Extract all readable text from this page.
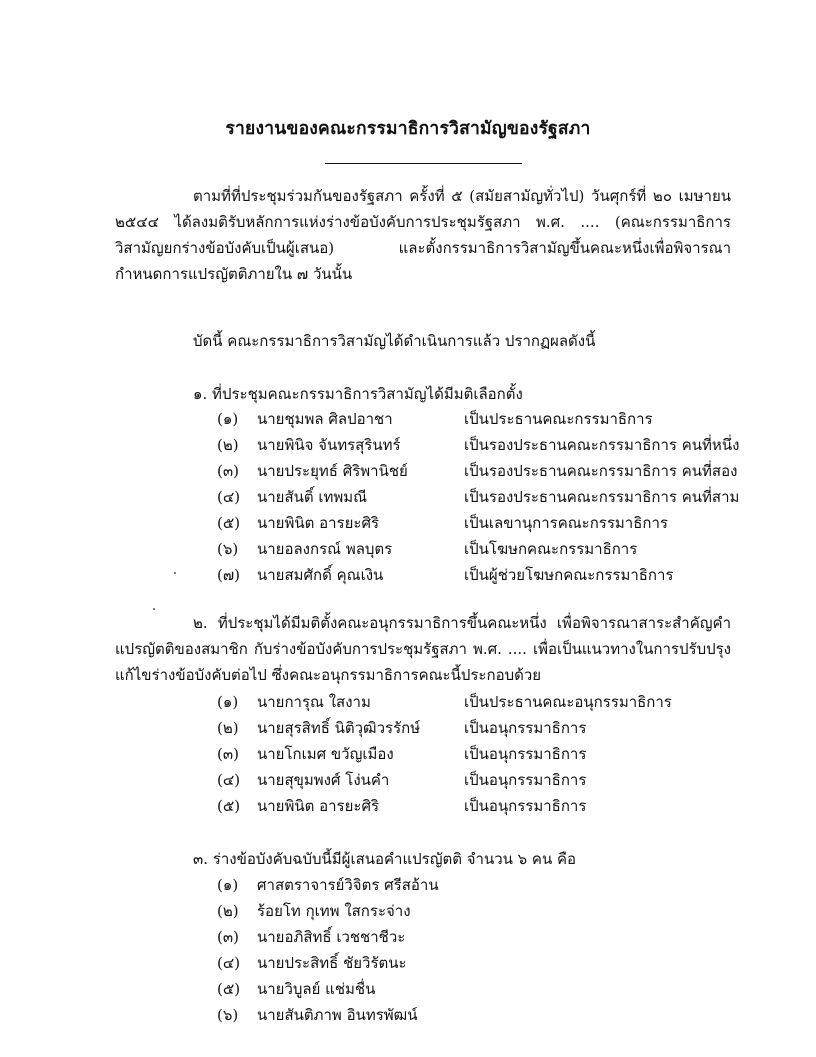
รายงานของคณะกรรมาธิการวิสามัญของรัฐสภา
ตามที่ที่ประชุมร่วมกันของรัฐสภา ครั้งที่ ๕ (สมัยสามัญทั่วไป) วันศุกร์ที่ ๒๐ เมษายน ๒๕๔๔ ได้ลงมติรับหลักการแห่งร่างข้อบังคับการประชุมรัฐสภา พ.ศ. .... (คณะกรรมาธิการวิสามัญยกร่างข้อบังคับเป็นผู้เสนอ) และตั้งกรรมาธิการวิสามัญขึ้นคณะหนึ่งเพื่อพิจารณา กำหนดการแปรญัตติภายใน ๗ วันนั้น
บัดนี้ คณะกรรมาธิการวิสามัญได้ดำเนินการแล้ว ปรากฏผลดังนี้
๑. ที่ประชุมคณะกรรมาธิการวิสามัญได้มีมติเลือกตั้ง
(๑) นายชุมพล ศิลปอาชา	เป็นประธานคณะกรรมาธิการ
(๒) นายพินิจ จันทรสุรินทร์	เป็นรองประธานคณะกรรมาธิการ คนที่หนึ่ง
(๓) นายประยุทธ์ ศิริพานิชย์	เป็นรองประธานคณะกรรมาธิการ คนที่สอง
(๔) นายสันติ์ เทพมณี	เป็นรองประธานคณะกรรมาธิการ คนที่สาม
(๕) นายพินิต อารยะศิริ	เป็นเลขานุการคณะกรรมาธิการ
(๖) นายอลงกรณ์ พลบุตร	เป็นโฆษกคณะกรรมาธิการ
(๗) นายสมศักดิ์ คุณเงิน	เป็นผู้ช่วยโฆษกคณะกรรมาธิการ
๒. ที่ประชุมได้มีมติตั้งคณะอนุกรรมาธิการขึ้นคณะหนึ่ง เพื่อพิจารณาสาระสำคัญคำแปรญัตติของสมาชิก กับร่างข้อบังคับการประชุมรัฐสภา พ.ศ. .... เพื่อเป็นแนวทางในการปรับปรุงแก้ไขร่างข้อบังคับต่อไป ซึ่งคณะอนุกรรมาธิการคณะนี้ประกอบด้วย
(๑) นายการุณ ใสงาม	เป็นประธานคณะอนุกรรมาธิการ
(๒) นายสุรสิทธิ์ นิติวุฒิวรรักษ์	เป็นอนุกรรมาธิการ
(๓) นายโกเมศ ขวัญเมือง	เป็นอนุกรรมาธิการ
(๔) นายสุขุมพงศ์ โง่นคำ	เป็นอนุกรรมาธิการ
(๕) นายพินิต อารยะศิริ	เป็นอนุกรรมาธิการ
๓. ร่างข้อบังคับฉบับนี้มีผู้เสนอคำแปรญัตติ จำนวน ๖ คน คือ
(๑) ศาสตราจารย์วิจิตร ศรีสอ้าน
(๒) ร้อยโท กุเทพ ใสกระจ่าง
(๓) นายอภิสิทธิ์ เวชชาชีวะ
(๔) นายประสิทธิ์ ชัยวิรัตนะ
(๕) นายวิบูลย์ แช่มชื่น
(๖) นายสันติภาพ อินทรพัฒน์
